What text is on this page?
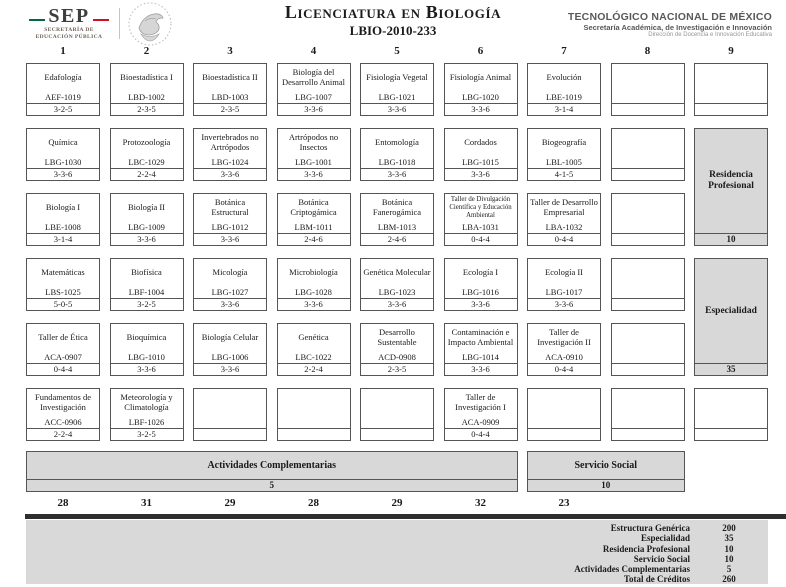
SEP
SECRETARÍA DE
EDUCACIÓN PÚBLICA
Licenciatura en Biología
LBIO-2010-233
TECNOLÓGICO NACIONAL DE MÉXICO
Secretaría Académica, de Investigación e Innovación
Dirección de Docencia e Innovación Educativa
1	2	3	4	5	6	7	8	9
Edafología
AEF-1019
3-2-5
Bioestadística I
LBD-1002
2-3-5
Bioestadística II
LBD-1003
2-3-5
Biología del Desarrollo Animal
LBG-1007
3-3-6
Fisiología Vegetal
LBG-1021
3-3-6
Fisiología Animal
LBG-1020
3-3-6
Evolución
LBE-1019
3-1-4
Química
LBG-1030
3-3-6
Protozoología
LBC-1029
2-2-4
Invertebrados no Artrópodos
LBG-1024
3-3-6
Artrópodos no Insectos
LBG-1001
3-3-6
Entomología
LBG-1018
3-3-6
Cordados
LBG-1015
3-3-6
Biogeografía
LBL-1005
4-1-5
Biología I
LBE-1008
3-1-4
Biología II
LBG-1009
3-3-6
Botánica Estructural
LBG-1012
3-3-6
Botánica Criptogámica
LBM-1011
2-4-6
Botánica Fanerogámica
LBM-1013
2-4-6
Taller de Divulgación Científica y Educación Ambiental
LBA-1031
0-4-4
Taller de Desarrollo Empresarial
LBA-1032
0-4-4
Matemáticas
LBS-1025
5-0-5
Biofísica
LBF-1004
3-2-5
Micología
LBG-1027
3-3-6
Microbiología
LBG-1028
3-3-6
Genética Molecular
LBG-1023
3-3-6
Ecología I
LBG-1016
3-3-6
Ecología II
LBG-1017
3-3-6
Taller de Ética
ACA-0907
0-4-4
Bioquímica
LBG-1010
3-3-6
Biología Celular
LBG-1006
3-3-6
Genética
LBC-1022
2-2-4
Desarrollo Sustentable
ACD-0908
2-3-5
Contaminación e Impacto Ambiental
LBG-1014
3-3-6
Taller de Investigación II
ACA-0910
0-4-4
Fundamentos de Investigación
ACC-0906
2-2-4
Meteorología y Climatología
LBF-1026
3-2-5
Taller de Investigación I
ACA-0909
0-4-4
Residencia Profesional
10
Especialidad
35
Actividades Complementarias
5
Servicio Social
10
28	31	29	28	29	32	23
Estructura Genérica	200
Especialidad	35
Residencia Profesional	10
Servicio Social	10
Actividades Complementarias	5
Total de Créditos	260
